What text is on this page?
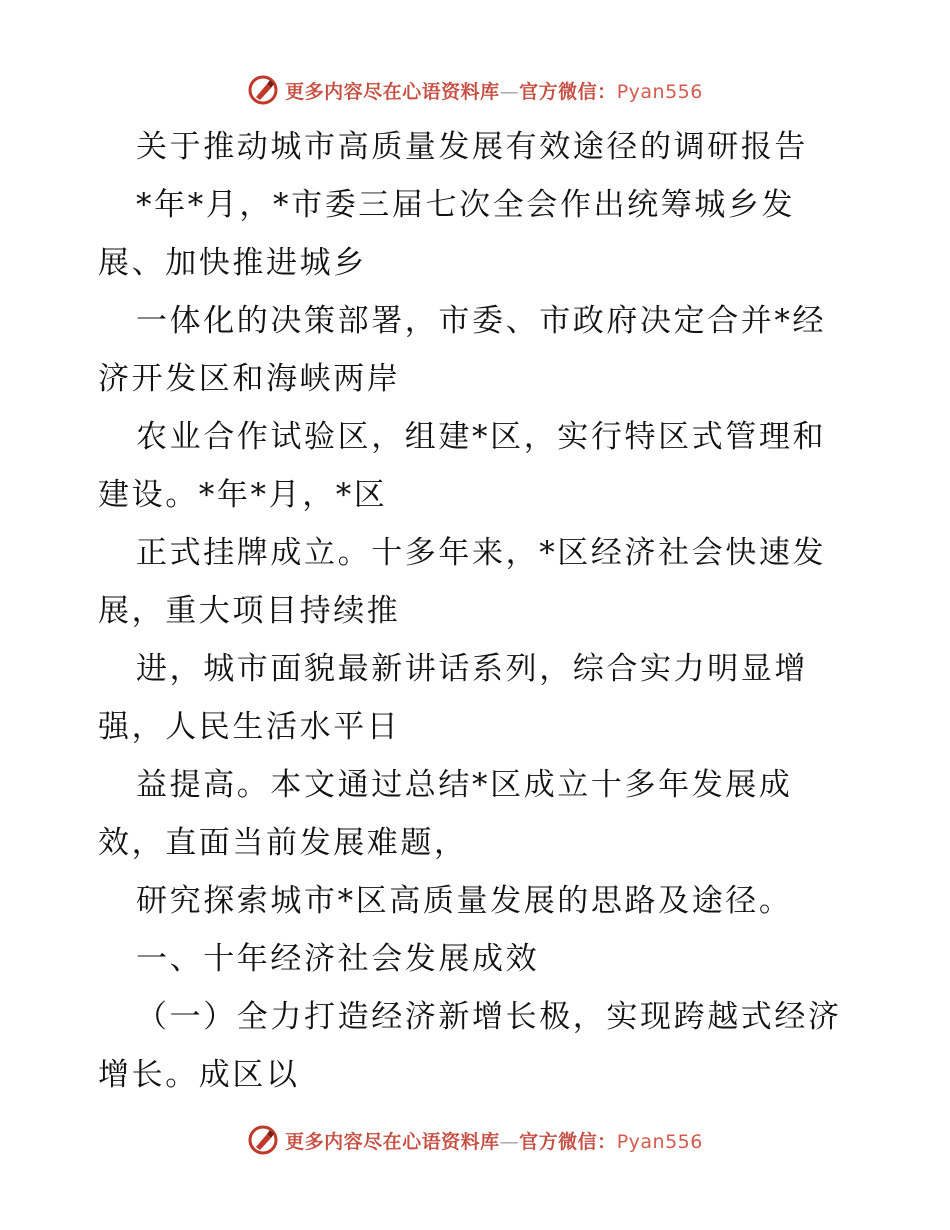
更多内容尽在心语资料库—官方微信：Pyan556
关于推动城市高质量发展有效途径的调研报告
*年*月，*市委三届七次全会作出统筹城乡发
展、加快推进城乡
一体化的决策部署，市委、市政府决定合并*经
济开发区和海峡两岸
农业合作试验区，组建*区，实行特区式管理和
建设。*年*月，*区
正式挂牌成立。十多年来，*区经济社会快速发
展，重大项目持续推
进，城市面貌最新讲话系列，综合实力明显增
强，人民生活水平日
益提高。本文通过总结*区成立十多年发展成
效，直面当前发展难题，
研究探索城市*区高质量发展的思路及途径。
一、十年经济社会发展成效
（一）全力打造经济新增长极，实现跨越式经济
增长。成区以
更多内容尽在心语资料库—官方微信：Pyan556
